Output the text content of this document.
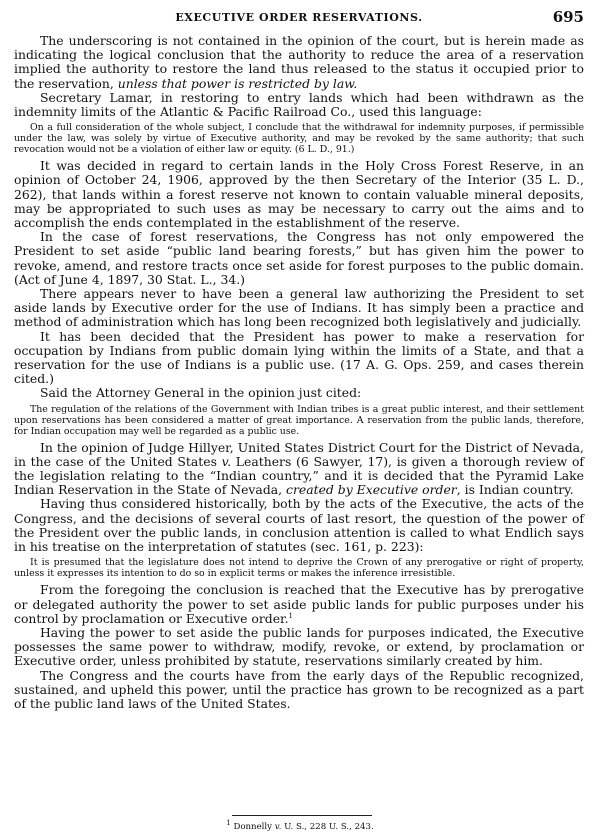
EXECUTIVE ORDER RESERVATIONS.	695

The underscoring is not contained in the opinion of the court, but is herein made as indicating the logical conclusion that the authority to reduce the area of a reservation implied the authority to restore the land thus released to the status it occupied prior to the reservation, unless that power is restricted by law.

Secretary Lamar, in restoring to entry lands which had been withdrawn as the indemnity limits of the Atlantic & Pacific Railroad Co., used this language:

On a full consideration of the whole subject, I conclude that the withdrawal for indemnity purposes, if permissible under the law, was solely by virtue of Executive authority, and may be revoked by the same authority; that such revocation would not be a violation of either law or equity. (6 L. D., 91.)

It was decided in regard to certain lands in the Holy Cross Forest Reserve, in an opinion of October 24, 1906, approved by the then Secretary of the Interior (35 L. D., 262), that lands within a forest reserve not known to contain valuable mineral deposits, may be appropriated to such uses as may be necessary to carry out the aims and to accomplish the ends contemplated in the establishment of the reserve.

In the case of forest reservations, the Congress has not only empowered the President to set aside “public land bearing forests,” but has given him the power to revoke, amend, and restore tracts once set aside for forest purposes to the public domain. (Act of June 4, 1897, 30 Stat. L., 34.)

There appears never to have been a general law authorizing the President to set aside lands by Executive order for the use of Indians. It has simply been a practice and method of administration which has long been recognized both legislatively and judicially.

It has been decided that the President has power to make a reservation for occupation by Indians from public domain lying within the limits of a State, and that a reservation for the use of Indians is a public use. (17 A. G. Ops. 259, and cases therein cited.)

Said the Attorney General in the opinion just cited:

The regulation of the relations of the Government with Indian tribes is a great public interest, and their settlement upon reservations has been considered a matter of great importance. A reservation from the public lands, therefore, for Indian occupation may well be regarded as a public use.

In the opinion of Judge Hillyer, United States District Court for the District of Nevada, in the case of the United States v. Leathers (6 Sawyer, 17), is given a thorough review of the legislation relating to the “Indian country,” and it is decided that the Pyramid Lake Indian Reservation in the State of Nevada, created by Executive order, is Indian country.

Having thus considered historically, both by the acts of the Executive, the acts of the Congress, and the decisions of several courts of last resort, the question of the power of the President over the public lands, in conclusion attention is called to what Endlich says in his treatise on the interpretation of statutes (sec. 161, p. 223):

It is presumed that the legislature does not intend to deprive the Crown of any prerogative or right of property, unless it expresses its intention to do so in explicit terms or makes the inference irresistible.

From the foregoing the conclusion is reached that the Executive has by prerogative or delegated authority the power to set aside public lands for public purposes under his control by proclamation or Executive order.$^1$

Having the power to set aside the public lands for purposes indicated, the Executive possesses the same power to withdraw, modify, revoke, or extend, by proclamation or Executive order, unless prohibited by statute, reservations similarly created by him.

The Congress and the courts have from the early days of the Republic recognized, sustained, and upheld this power, until the practice has grown to be recognized as a part of the public land laws of the United States.

$^1$ Donnelly v. U. S., 228 U. S., 243.
